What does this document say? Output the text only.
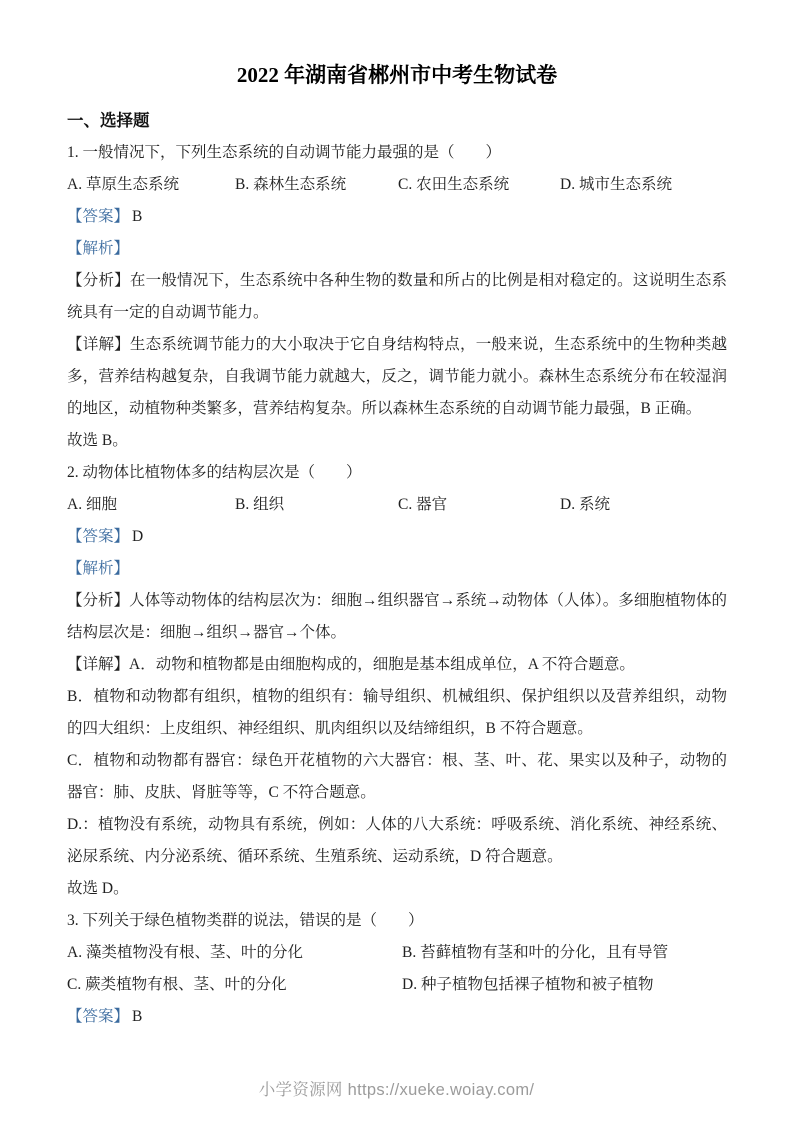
2022 年湖南省郴州市中考生物试卷
一、选择题

1. 一般情况下，下列生态系统的自动调节能力最强的是（　　）

A. 草原生态系统	B. 森林生态系统	C. 农田生态系统	D. 城市生态系统

【答案】 B

【解析】

【分析】在一般情况下，生态系统中各种生物的数量和所占的比例是相对稳定的。这说明生态系统具有一定的自动调节能力。

【详解】生态系统调节能力的大小取决于它自身结构特点，一般来说，生态系统中的生物种类越多，营养结构越复杂，自我调节能力就越大，反之，调节能力就小。森林生态系统分布在较湿润的地区，动植物种类繁多，营养结构复杂。所以森林生态系统的自动调节能力最强，B 正确。

故选 B。

2. 动物体比植物体多的结构层次是（　　）

A. 细胞	B. 组织	C. 器官	D. 系统

【答案】 D

【解析】

【分析】人体等动物体的结构层次为：细胞→组织器官→系统→动物体（人体）。多细胞植物体的结构层次是：细胞→组织→器官→个体。

【详解】A．动物和植物都是由细胞构成的，细胞是基本组成单位，A 不符合题意。

B．植物和动物都有组织，植物的组织有：输导组织、机械组织、保护组织以及营养组织，动物的四大组织：上皮组织、神经组织、肌肉组织以及结缔组织，B 不符合题意。

C．植物和动物都有器官：绿色开花植物的六大器官：根、茎、叶、花、果实以及种子，动物的器官：肺、皮肤、肾脏等等，C 不符合题意。

D.：植物没有系统，动物具有系统，例如：人体的八大系统：呼吸系统、消化系统、神经系统、泌尿系统、内分泌系统、循环系统、生殖系统、运动系统，D 符合题意。

故选 D。

3. 下列关于绿色植物类群的说法，错误的是（　　）

A. 藻类植物没有根、茎、叶的分化	B. 苔藓植物有茎和叶的分化，且有导管
C. 蕨类植物有根、茎、叶的分化	D. 种子植物包括裸子植物和被子植物

【答案】 B

小学资源网 https://xueke.woiay.com/
